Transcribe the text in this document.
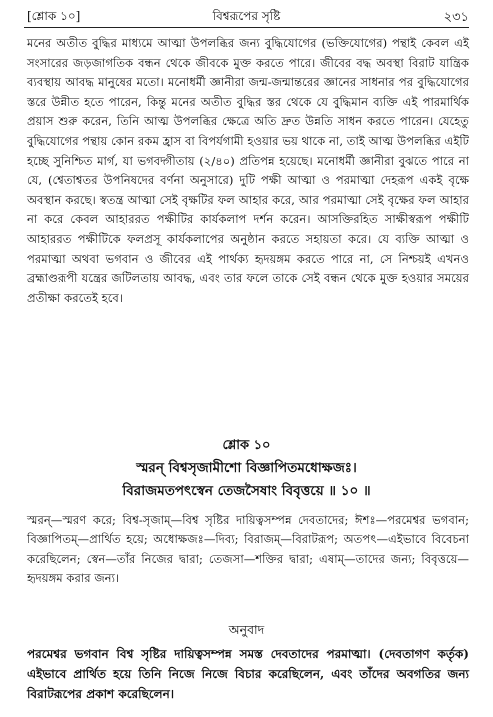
[শ্লোক ১০]	বিশ্বরূপের সৃষ্টি	২৩১

মনের অতীত বুদ্ধির মাধ্যমে আত্মা উপলব্ধির জন্য বুদ্ধিযোগের (ভক্তিযোগের) পন্থাই কেবল এই সংসারের জড়জাগতিক বন্ধন থেকে জীবকে মুক্ত করতে পারে। জীবের বদ্ধ অবস্থা বিরাট যান্ত্রিক ব্যবস্থায় আবদ্ধ মানুষের মতো। মনোধর্মী জ্ঞানীরা জন্ম-জন্মান্তরের জ্ঞানের সাধনার পর বুদ্ধিযোগের স্তরে উন্নীত হতে পারেন, কিন্তু মনের অতীত বুদ্ধির স্তর থেকে যে বুদ্ধিমান ব্যক্তি এই পারমার্থিক প্রয়াস শুরু করেন, তিনি আত্ম উপলব্ধির ক্ষেত্রে অতি দ্রুত উন্নতি সাধন করতে পারেন। যেহেতু বুদ্ধিযোগের পন্থায় কোন রকম হ্রাস বা বিপর্যগামী হওয়ার ভয় থাকে না, তাই আত্ম উপলব্ধির এইটি হচ্ছে সুনিশ্চিত মার্গ, যা ভগবদ্গীতায় (২/৪০) প্রতিপন্ন হয়েছে। মনোধর্মী জ্ঞানীরা বুঝতে পারে না যে, (শ্বেতাশ্বতর উপনিষদের বর্ণনা অনুসারে) দুটি পক্ষী আত্মা ও পরমাত্মা দেহরূপ একই বৃক্ষে অবস্থান করছে। স্বতন্ত্র আত্মা সেই বৃক্ষটির ফল আহার করে, আর পরমাত্মা সেই বৃক্ষের ফল আহার না করে কেবল আহাররত পক্ষীটির কার্যকলাপ দর্শন করেন। আসক্তিরহিত সাক্ষীস্বরূপ পক্ষীটি আহাররত পক্ষীটিকে ফলপ্রসূ কার্যকলাপের অনুষ্ঠান করতে সহায়তা করে। যে ব্যক্তি আত্মা ও পরমাত্মা অথবা ভগবান ও জীবের এই পার্থক্য হৃদয়ঙ্গম করতে পারে না, সে নিশ্চয়ই এখনও ব্রহ্মাণ্ডরূপী যন্ত্রের জটিলতায় আবদ্ধ, এবং তার ফলে তাকে সেই বন্ধন থেকে মুক্ত হওয়ার সময়ের প্রতীক্ষা করতেই হবে।

শ্লোক ১০
স্মরন্ বিশ্বসৃজামীশো বিজ্ঞাপিতমধোক্ষজঃ।
বিরাজমতপৎস্বেন তেজসৈষাং বিবৃত্তয়ে ॥ ১০ ॥
স্মরন্—স্মরণ করে; বিশ্ব-সৃজাম্—বিশ্ব সৃষ্টির দায়িত্বসম্পন্ন দেবতাদের; ঈশঃ—পরমেশ্বর ভগবান; বিজ্ঞাপিতম্—প্রার্থিত হয়ে; অধোক্ষজঃ—দিব্য; বিরাজম্—বিরাটরূপ; অতপৎ—এইভাবে বিবেচনা করেছিলেন; স্বেন—তাঁর নিজের দ্বারা; তেজসা—শক্তির দ্বারা; এষাম্—তাদের জন্য; বিবৃত্তয়ে—হৃদয়ঙ্গম করার জন্য।
অনুবাদ
পরমেশ্বর ভগবান বিশ্ব সৃষ্টির দায়িত্বসম্পন্ন সমস্ত দেবতাদের পরমাত্মা। (দেবতাগণ কর্তৃক) এইভাবে প্রার্থিত হয়ে তিনি নিজে নিজে বিচার করেছিলেন, এবং তাঁদের অবগতির জন্য বিরাটরূপের প্রকাশ করেছিলেন।
